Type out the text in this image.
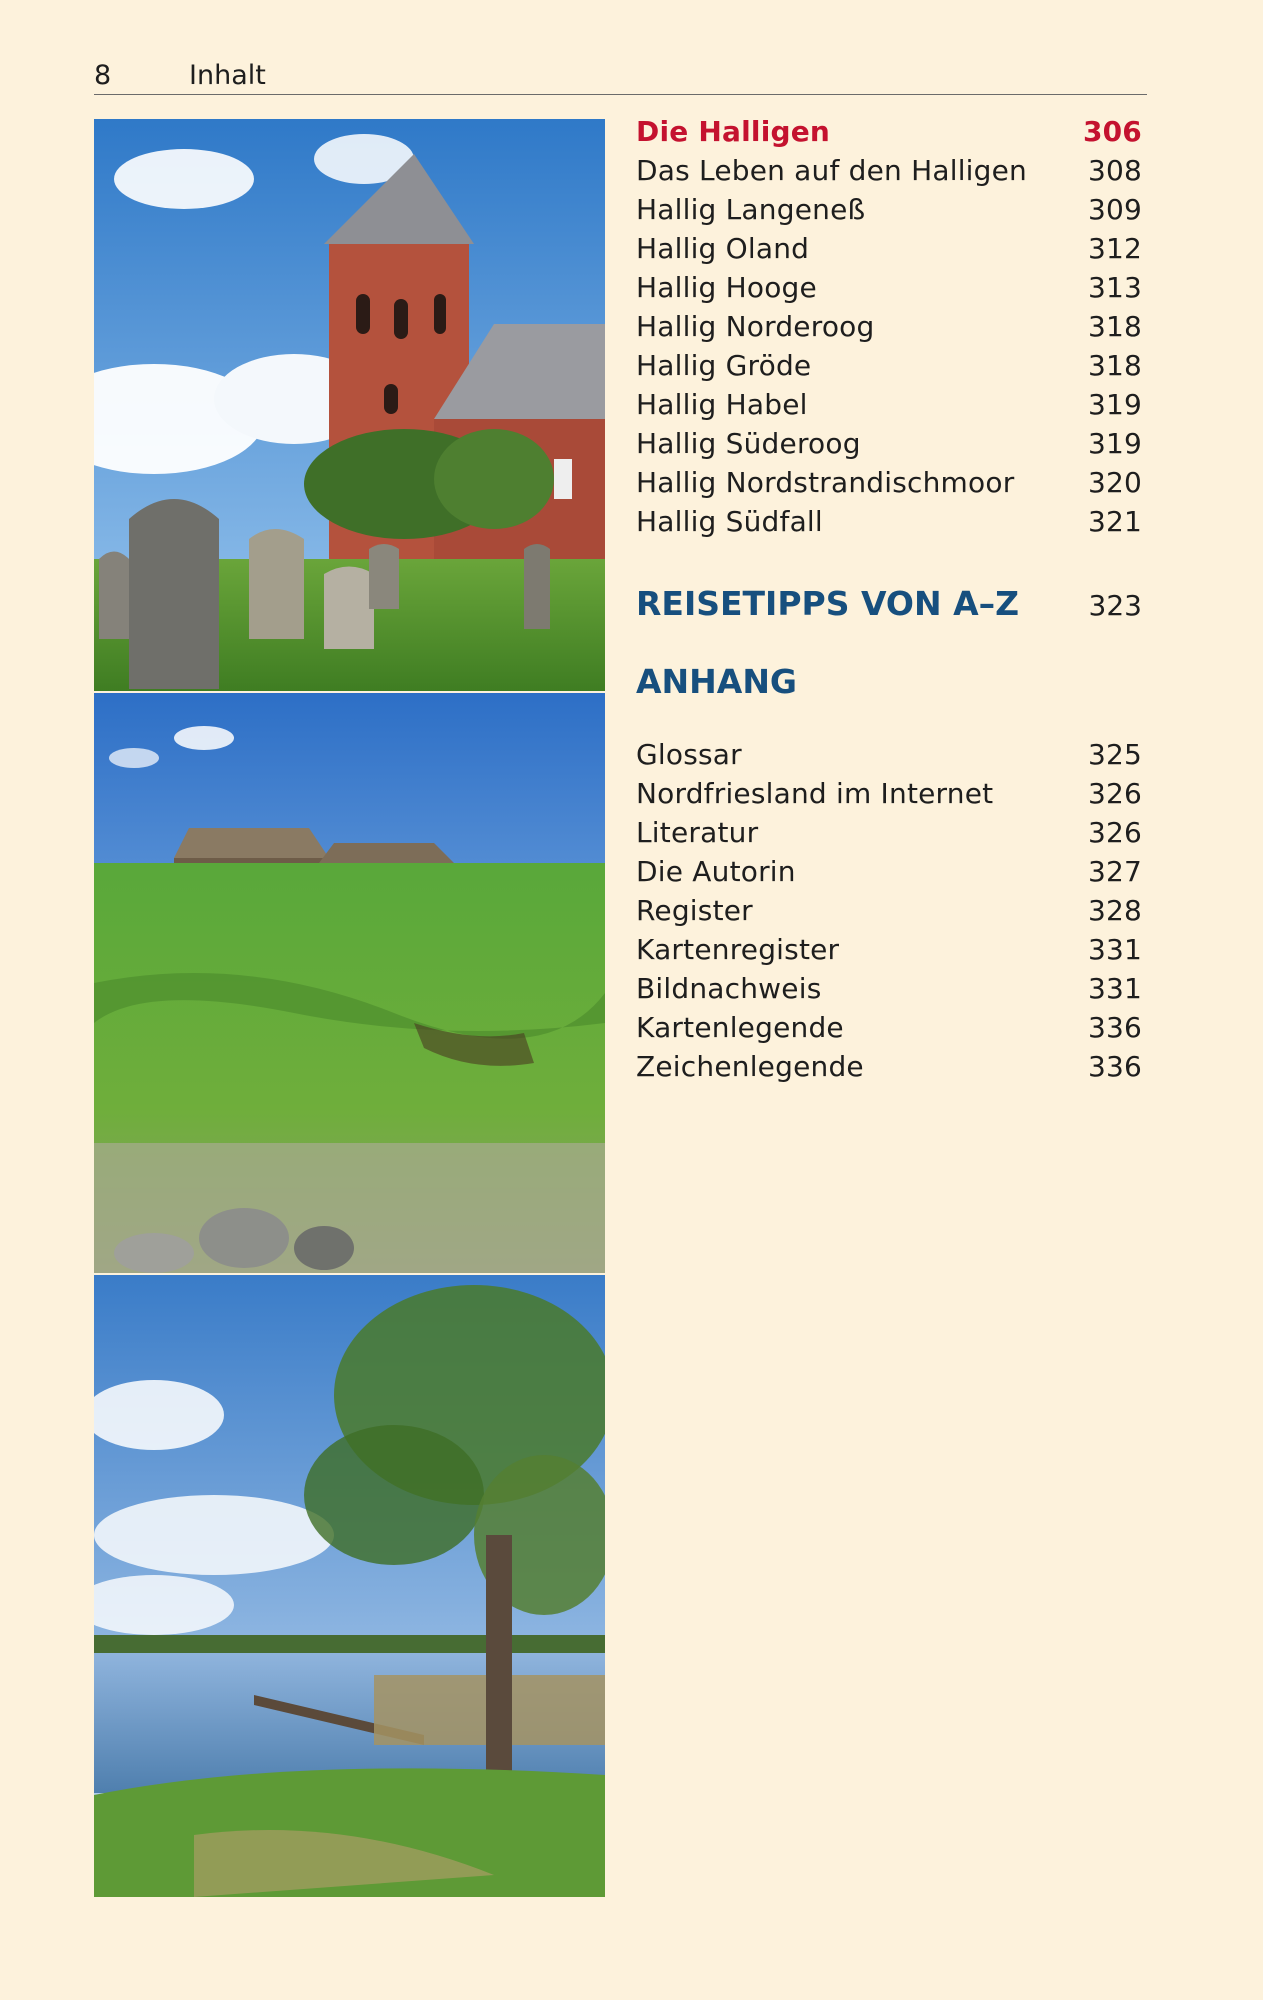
8	Inhalt
Die Halligen	306
Das Leben auf den Halligen 308
Hallig Langeneß	309
Hallig Oland	312
Hallig Hooge	313
Hallig Norderoog	318
Hallig Gröde	318
Hallig Habel	319
Hallig Süderoog	319
Hallig Nordstrandischmoor	320
Hallig Südfall	321
REISETIPPS VON A–Z 323
ANHANG
Glossar	325
Nordfriesland im Internet	326
Literatur	326
Die Autorin	327
Register	328
Kartenregister	331
Bildnachweis	331
Kartenlegende	336
Zeichenlegende	336
